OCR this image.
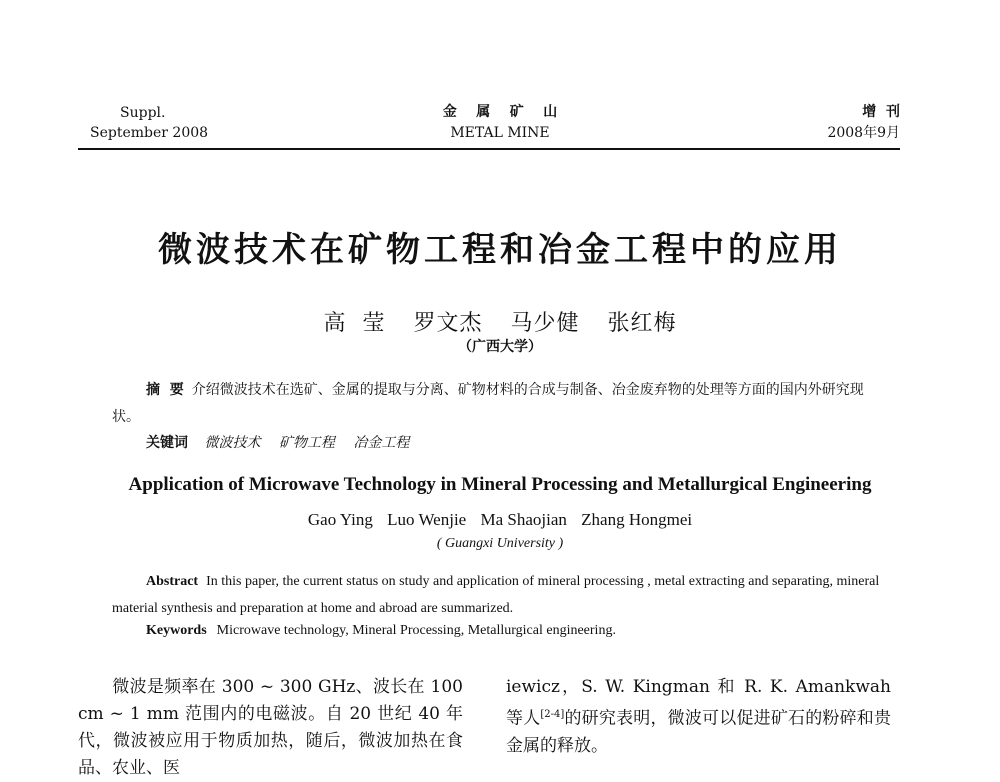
Suppl.
September 2008
金    属    矿    山
METAL MINE
增  刊
2008年9月
微波技术在矿物工程和冶金工程中的应用
高  莹 罗文杰 马少健 张红梅
（广西大学）
摘  要 介绍微波技术在选矿、金属的提取与分离、矿物材料的合成与制备、冶金废弃物的处理等方面的国内外研究现状。
关键词 微波技术 矿物工程 冶金工程
Application of Microwave Technology in Mineral Processing and Metallurgical Engineering
Gao Ying Luo Wenjie Ma Shaojian Zhang Hongmei
( Guangxi University )
Abstract In this paper, the current status on study and application of mineral processing , metal extracting and separating, mineral material synthesis and preparation at home and abroad are summarized.
Keywords Microwave technology, Mineral Processing, Metallurgical engineering.
微波是频率在 300 ~ 300 GHz、波长在 100 cm ~ 1 mm 范围内的电磁波。自 20 世纪 40 年代，微波被应用于物质加热，随后，微波加热在食品、农业、医
iewicz，S. W. Kingman 和 R. K. Amankwah 等人[2-4]的研究表明，微波可以促进矿石的粉碎和贵金属的释放。
